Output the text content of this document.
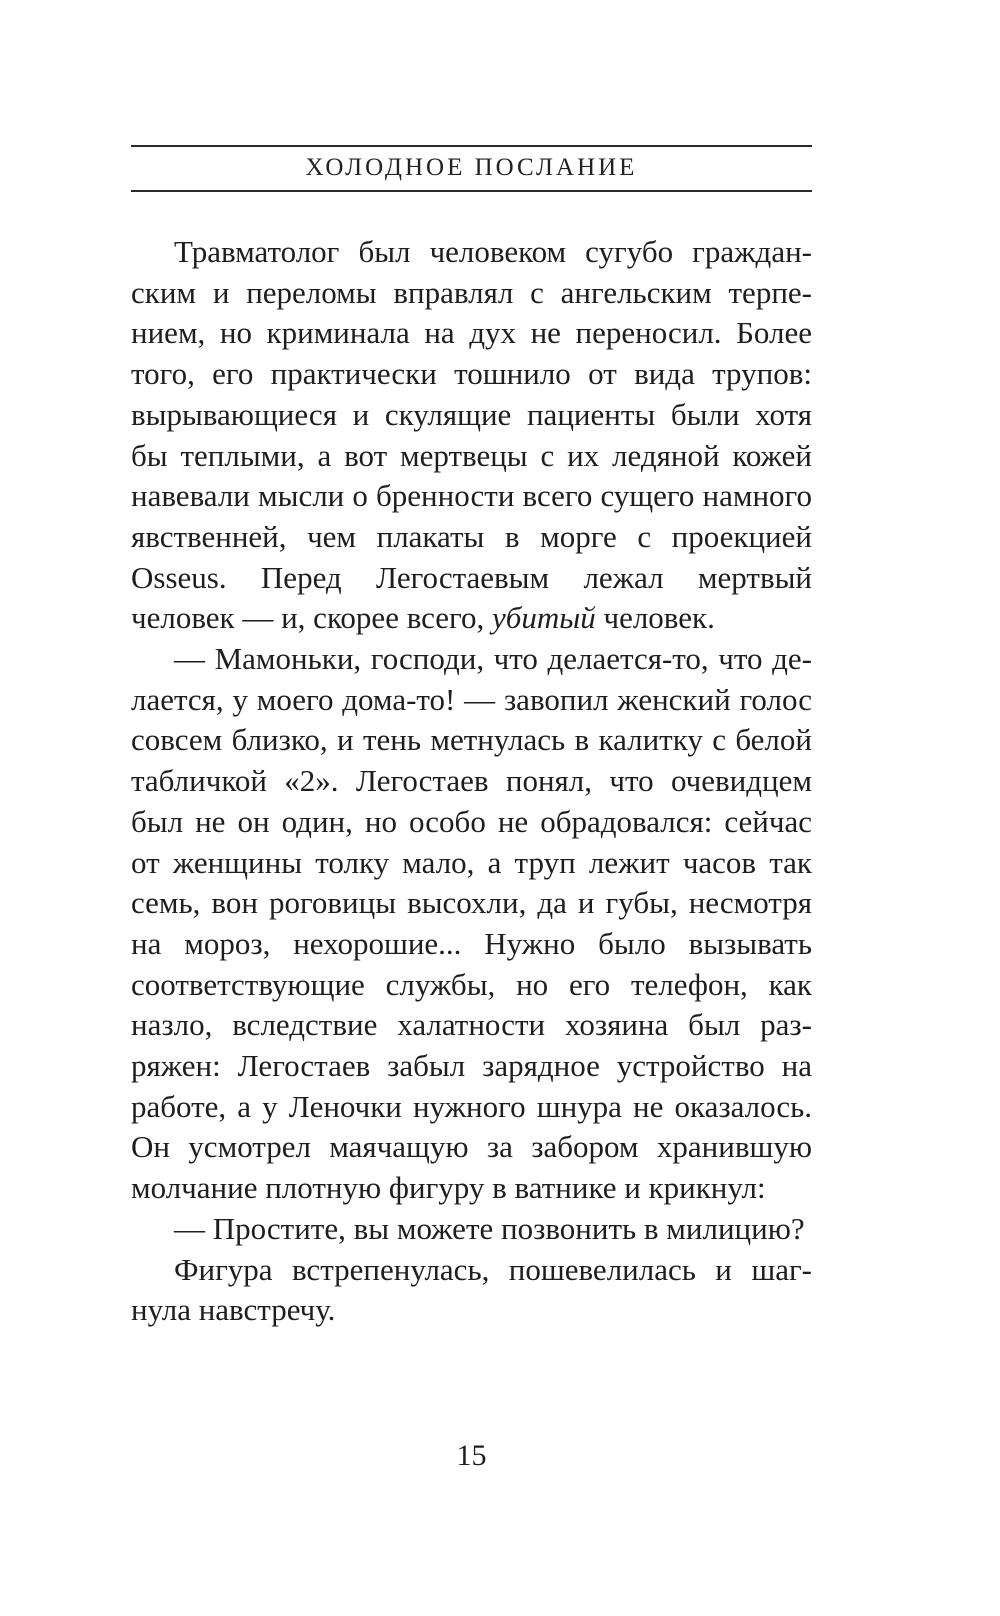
ХОЛОДНОЕ ПОСЛАНИЕ

Травматолог был человеком сугубо гражданским и переломы вправлял с ангельским терпением, но криминала на дух не переносил. Более того, его практически тошнило от вида трупов: вырывающиеся и скулящие пациенты были хотя бы теплыми, а вот мертвецы с их ледяной кожей навевали мысли о бренности всего сущего намного явственней, чем плакаты в морге с проекцией Osseus. Перед Легостаевым лежал мертвый человек — и, скорее всего, убитый человек.

— Мамоньки, господи, что делается-то, что делается, у моего дома-то! — завопил женский голос совсем близко, и тень метнулась в калитку с белой табличкой «2». Легостаев понял, что очевидцем был не он один, но особо не обрадовался: сейчас от женщины толку мало, а труп лежит часов так семь, вон роговицы высохли, да и губы, несмотря на мороз, нехорошие... Нужно было вызывать соответствующие службы, но его телефон, как назло, вследствие халатности хозяина был разряжен: Легостаев забыл зарядное устройство на работе, а у Леночки нужного шнура не оказалось. Он усмотрел маячащую за забором хранившую молчание плотную фигуру в ватнике и крикнул:

— Простите, вы можете позвонить в милицию?

Фигура встрепенулась, пошевелилась и шагнула навстречу.

15
